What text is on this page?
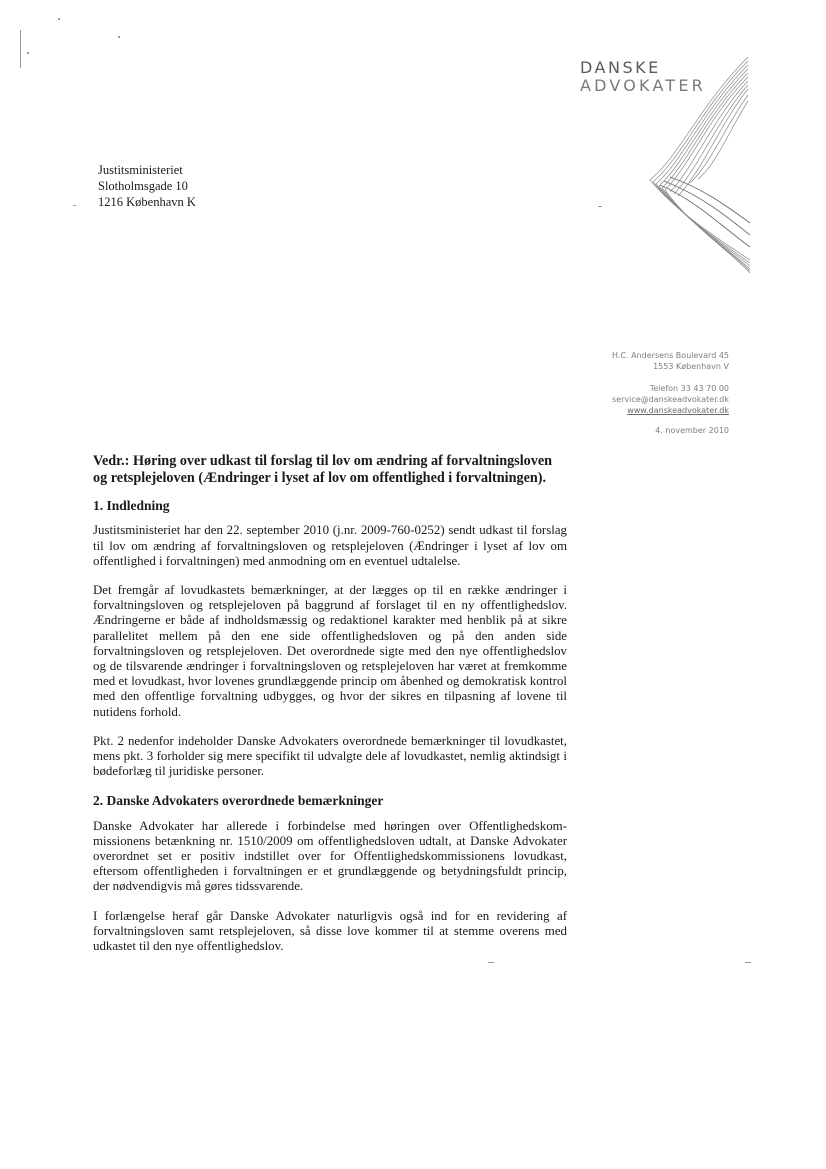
DANSKE
ADVOKATER
Justitsministeriet
Slotholmsgade 10
1216 København K
H.C. Andersens Boulevard 45
1553 København V
Telefon 33 43 70 00
service@danskeadvokater.dk
www.danskeadvokater.dk
4. november 2010
Vedr.: Høring over udkast til forslag til lov om ændring af forvaltningsloven og retsplejeloven (Ændringer i lyset af lov om offentlighed i forvaltningen).
1. Indledning

Justitsministeriet har den 22. september 2010 (j.nr. 2009-760-0252) sendt udkast til forslag til lov om ændring af forvaltningsloven og retsplejeloven (Ændringer i lyset af lov om offentlighed i forvaltningen) med anmodning om en eventuel udtalelse.

Det fremgår af lovudkastets bemærkninger, at der lægges op til en række ændringer i forvaltningsloven og retsplejeloven på baggrund af forslaget til en ny offentlighedslov. Ændringerne er både af indholdsmæssig og redaktionel karakter med henblik på at sikre parallelitet mellem på den ene side offentlighedsloven og på den anden side forvaltningsloven og retsplejeloven. Det overordnede sigte med den nye offentlighedslov og de tilsvarende ændringer i forvaltningsloven og retsplejeloven har været at fremkomme med et lovudkast, hvor lovenes grundlæggende princip om åbenhed og demokratisk kontrol med den offentlige forvaltning udbygges, og hvor der sikres en tilpasning af lovene til nutidens forhold.

Pkt. 2 nedenfor indeholder Danske Advokaters overordnede bemærkninger til lovudkastet, mens pkt. 3 forholder sig mere specifikt til udvalgte dele af lovudkastet, nemlig aktindsigt i bødeforlæg til juridiske personer.

2. Danske Advokaters overordnede bemærkninger

Danske Advokater har allerede i forbindelse med høringen over Offentlighedskommissionens betænkning nr. 1510/2009 om offentlighedsloven udtalt, at Danske Advokater overordnet set er positiv indstillet over for Offentlighedskommissionens lovudkast, eftersom offentligheden i forvaltningen er et grundlæggende og betydningsfuldt princip, der nødvendigvis må gøres tidssvarende.

I forlængelse heraf går Danske Advokater naturligvis også ind for en revidering af forvaltningsloven samt retsplejeloven, så disse love kommer til at stemme overens med udkastet til den nye offentlighedslov.
